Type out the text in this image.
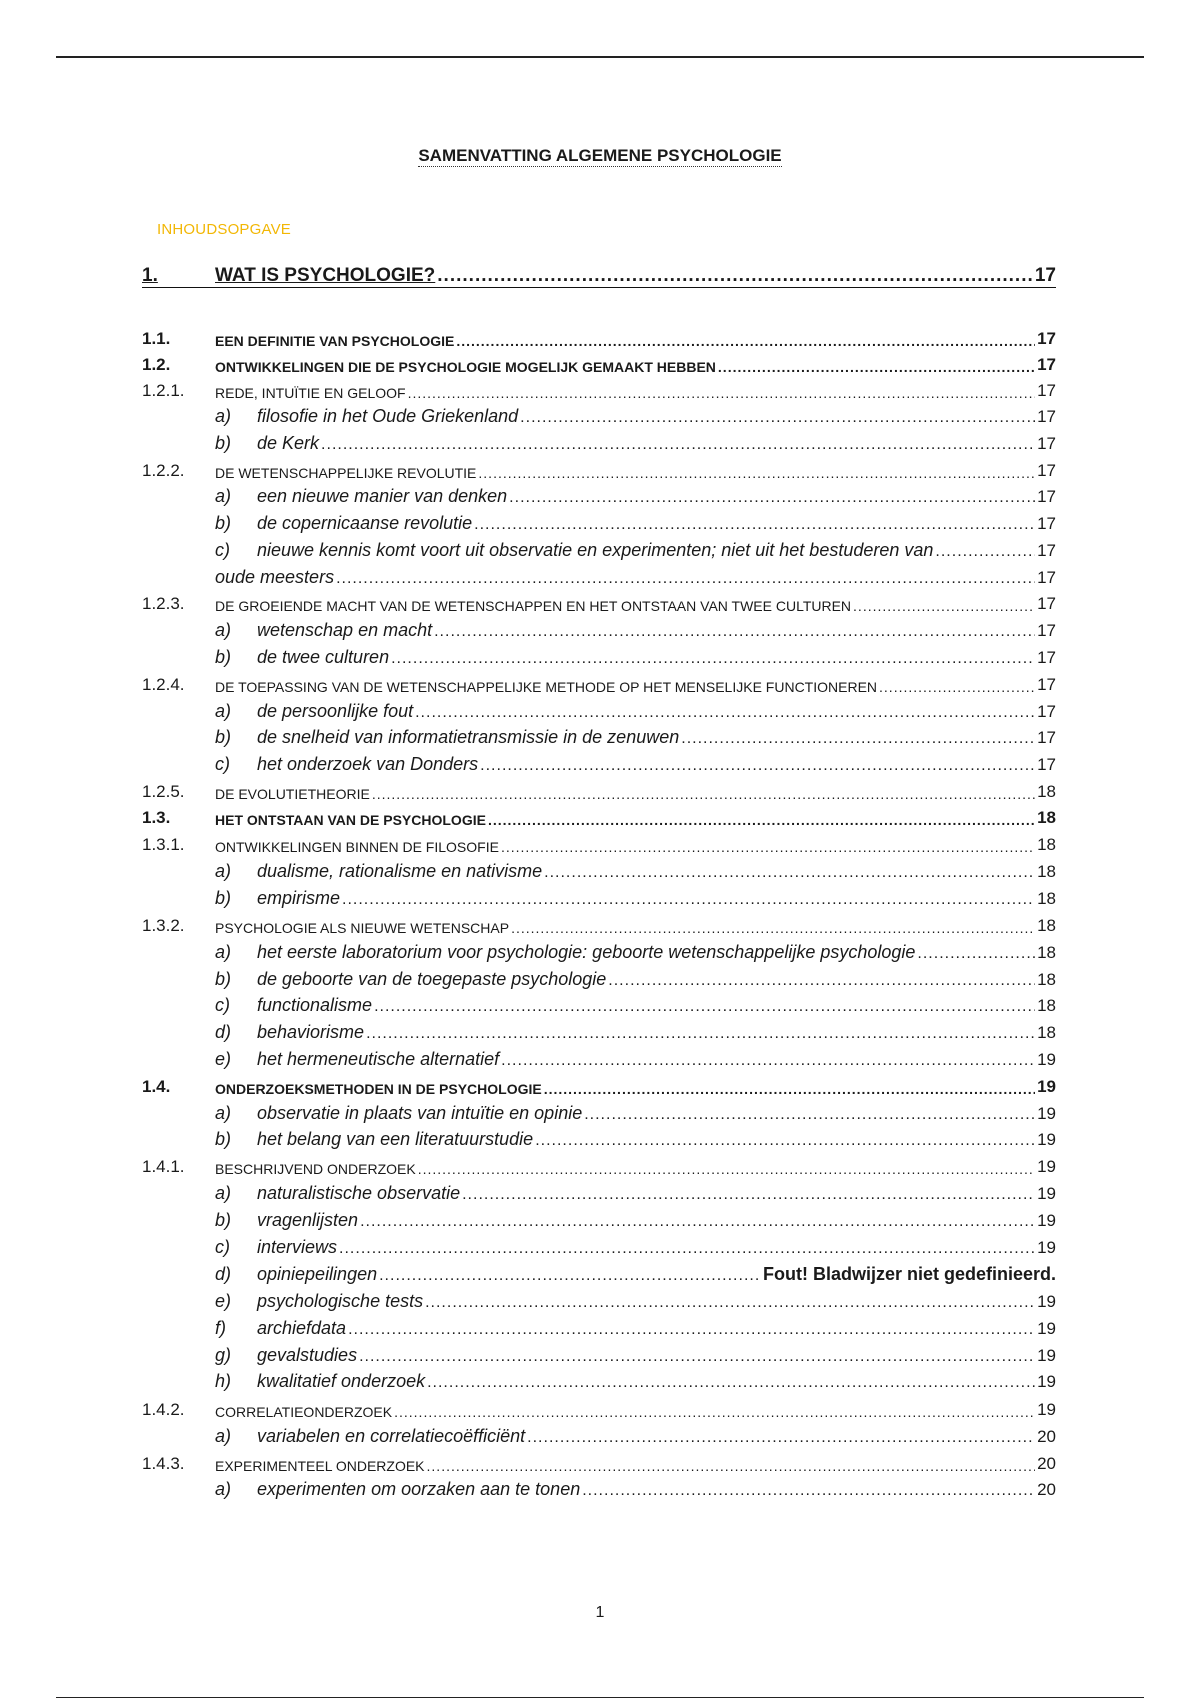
SAMENVATTING ALGEMENE PSYCHOLOGIE
INHOUDSOPGAVE
1.	WAT IS PSYCHOLOGIE? .....	17
1.1.	EEN DEFINITIE VAN PSYCHOLOGIE .....	17
1.2.	ONTWIKKELINGEN DIE DE PSYCHOLOGIE MOGELIJK GEMAAKT HEBBEN .....	17
1.2.1.	REDE, INTUÏTIE EN GELOOF .....	17
a)	filosofie in het Oude Griekenland .....	17
b)	de Kerk .....	17
1.2.2.	DE WETENSCHAPPELIJKE REVOLUTIE .....	17
a)	een nieuwe manier van denken .....	17
b)	de copernicaanse revolutie .....	17
c)	nieuwe kennis komt voort uit observatie en experimenten; niet uit het bestuderen van .....	17
oude meesters .....	17
1.2.3.	DE GROEIENDE MACHT VAN DE WETENSCHAPPEN EN HET ONTSTAAN VAN TWEE CULTUREN .....	17
a)	wetenschap en macht .....	17
b)	de twee culturen .....	17
1.2.4.	DE TOEPASSING VAN DE WETENSCHAPPELIJKE METHODE OP HET MENSELIJKE FUNCTIONEREN .....	17
a)	de persoonlijke fout .....	17
b)	de snelheid van informatietransmissie in de zenuwen .....	17
c)	het onderzoek van Donders .....	17
1.2.5.	DE EVOLUTIETHEORIE .....	18
1.3.	HET ONTSTAAN VAN DE PSYCHOLOGIE .....	18
1.3.1.	ONTWIKKELINGEN BINNEN DE FILOSOFIE .....	18
a)	dualisme, rationalisme en nativisme .....	18
b)	empirisme .....	18
1.3.2.	PSYCHOLOGIE ALS NIEUWE WETENSCHAP .....	18
a)	het eerste laboratorium voor psychologie: geboorte wetenschappelijke psychologie .....	18
b)	de geboorte van de toegepaste psychologie .....	18
c)	functionalisme .....	18
d)	behaviorisme .....	18
e)	het hermeneutische alternatief .....	19
1.4.	ONDERZOEKSMETHODEN IN DE PSYCHOLOGIE .....	19
a)	observatie in plaats van intuïtie en opinie .....	19
b)	het belang van een literatuurstudie .....	19
1.4.1.	BESCHRIJVEND ONDERZOEK .....	19
a)	naturalistische observatie .....	19
b)	vragenlijsten .....	19
c)	interviews .....	19
d)	opiniepeilingen .....	Fout! Bladwijzer niet gedefinieerd.
e)	psychologische tests .....	19
f)	archiefdata .....	19
g)	gevalstudies .....	19
h)	kwalitatief onderzoek .....	19
1.4.2.	CORRELATIEONDERZOEK .....	19
a)	variabelen en correlatiecoëfficiënt .....	20
1.4.3.	EXPERIMENTEEL ONDERZOEK .....	20
a)	experimenten om oorzaken aan te tonen .....	20
1
